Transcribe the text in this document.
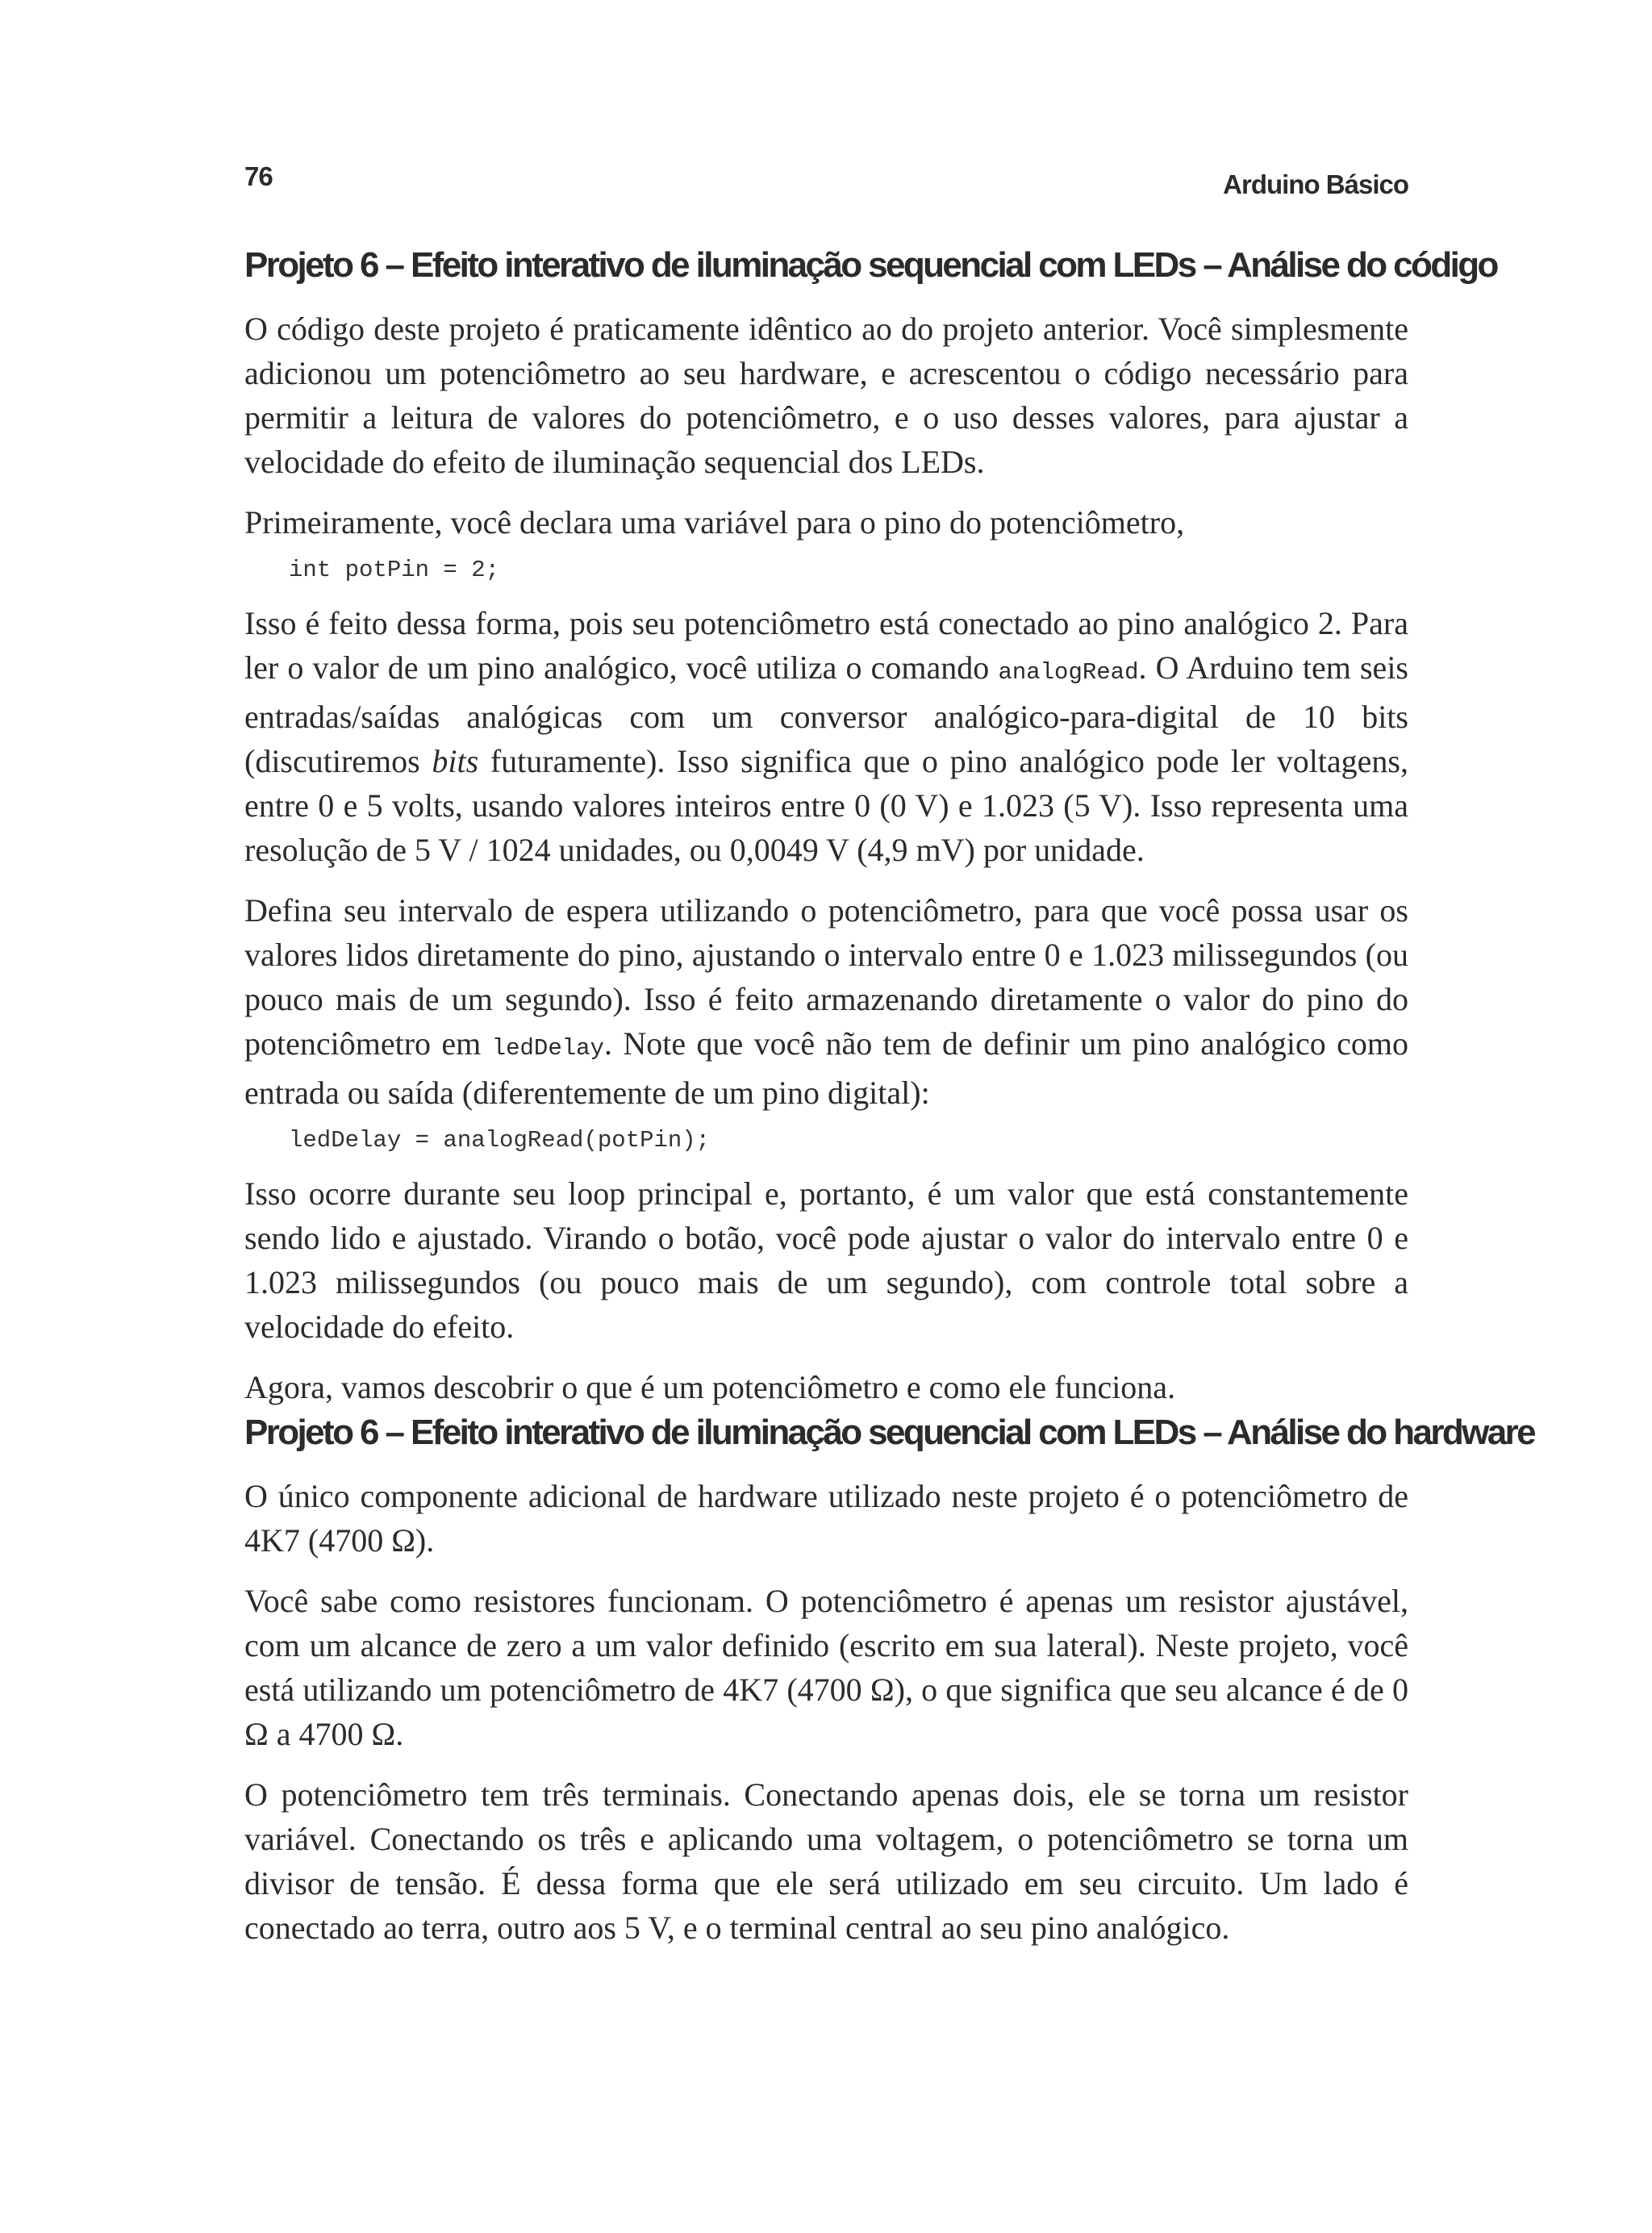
76	Arduino Básico
Projeto 6 – Efeito interativo de iluminação sequencial com LEDs – Análise do código

O código deste projeto é praticamente idêntico ao do projeto anterior. Você simplesmente adicionou um potenciômetro ao seu hardware, e acrescentou o código necessário para permitir a leitura de valores do potenciômetro, e o uso desses valores, para ajustar a velocidade do efeito de iluminação sequencial dos LEDs.

Primeiramente, você declara uma variável para o pino do potenciômetro,

int potPin = 2;

Isso é feito dessa forma, pois seu potenciômetro está conectado ao pino analógico 2. Para ler o valor de um pino analógico, você utiliza o comando analogRead. O Arduino tem seis entradas/saídas analógicas com um conversor analógico-para-digital de 10 bits (discutiremos bits futuramente). Isso significa que o pino analógico pode ler voltagens, entre 0 e 5 volts, usando valores inteiros entre 0 (0 V) e 1.023 (5 V). Isso representa uma resolução de 5 V / 1024 unidades, ou 0,0049 V (4,9 mV) por unidade.

Defina seu intervalo de espera utilizando o potenciômetro, para que você possa usar os valores lidos diretamente do pino, ajustando o intervalo entre 0 e 1.023 milissegundos (ou pouco mais de um segundo). Isso é feito armazenando diretamente o valor do pino do potenciômetro em ledDelay. Note que você não tem de definir um pino analógico como entrada ou saída (diferentemente de um pino digital):

ledDelay = analogRead(potPin);

Isso ocorre durante seu loop principal e, portanto, é um valor que está constantemente sendo lido e ajustado. Virando o botão, você pode ajustar o valor do intervalo entre 0 e 1.023 milissegundos (ou pouco mais de um segundo), com controle total sobre a velocidade do efeito.

Agora, vamos descobrir o que é um potenciômetro e como ele funciona.

Projeto 6 – Efeito interativo de iluminação sequencial com LEDs – Análise do hardware

O único componente adicional de hardware utilizado neste projeto é o potenciômetro de 4K7 (4700 Ω).

Você sabe como resistores funcionam. O potenciômetro é apenas um resistor ajustável, com um alcance de zero a um valor definido (escrito em sua lateral). Neste projeto, você está utilizando um potenciômetro de 4K7 (4700 Ω), o que significa que seu alcance é de 0 Ω a 4700 Ω.

O potenciômetro tem três terminais. Conectando apenas dois, ele se torna um resistor variável. Conectando os três e aplicando uma voltagem, o potenciômetro se torna um divisor de tensão. É dessa forma que ele será utilizado em seu circuito. Um lado é conectado ao terra, outro aos 5 V, e o terminal central ao seu pino analógico.
